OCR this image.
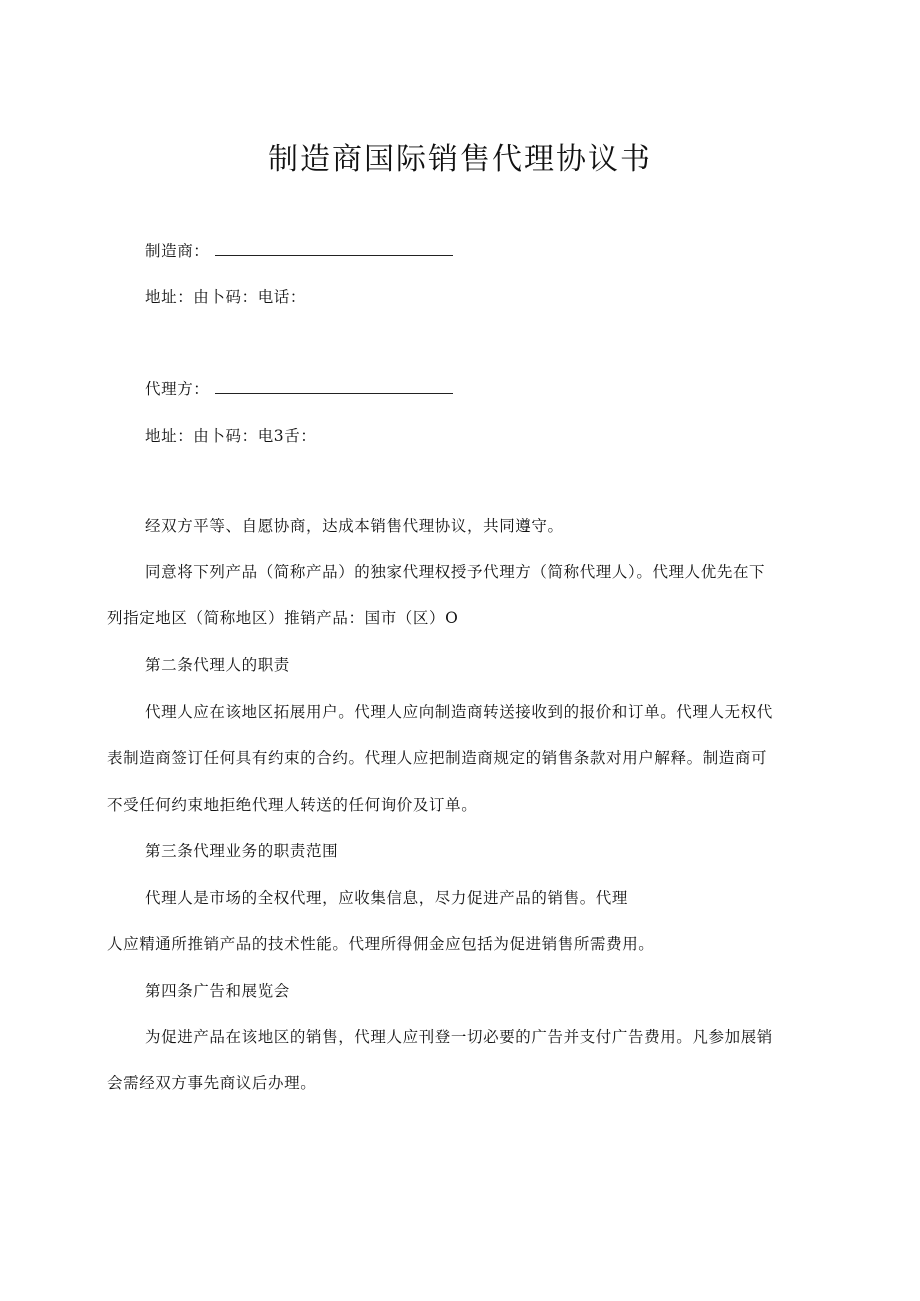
制造商国际销售代理协议书
制造商：
地址：由卜码：电话：
代理方：
地址：由卜码：电3舌：
经双方平等、自愿协商，达成本销售代理协议，共同遵守。
同意将下列产品（简称产品）的独家代理权授予代理方（简称代理人）。代理人优先在下
列指定地区（简称地区）推销产品：国市（区）O
第二条代理人的职责
代理人应在该地区拓展用户。代理人应向制造商转送接收到的报价和订单。代理人无权代
表制造商签订任何具有约束的合约。代理人应把制造商规定的销售条款对用户解释。制造商可
不受任何约束地拒绝代理人转送的任何询价及订单。
第三条代理业务的职责范围
代理人是市场的全权代理，应收集信息，尽力促进产品的销售。代理
人应精通所推销产品的技术性能。代理所得佣金应包括为促进销售所需费用。
第四条广告和展览会
为促进产品在该地区的销售，代理人应刊登一切必要的广告并支付广告费用。凡参加展销
会需经双方事先商议后办理。
